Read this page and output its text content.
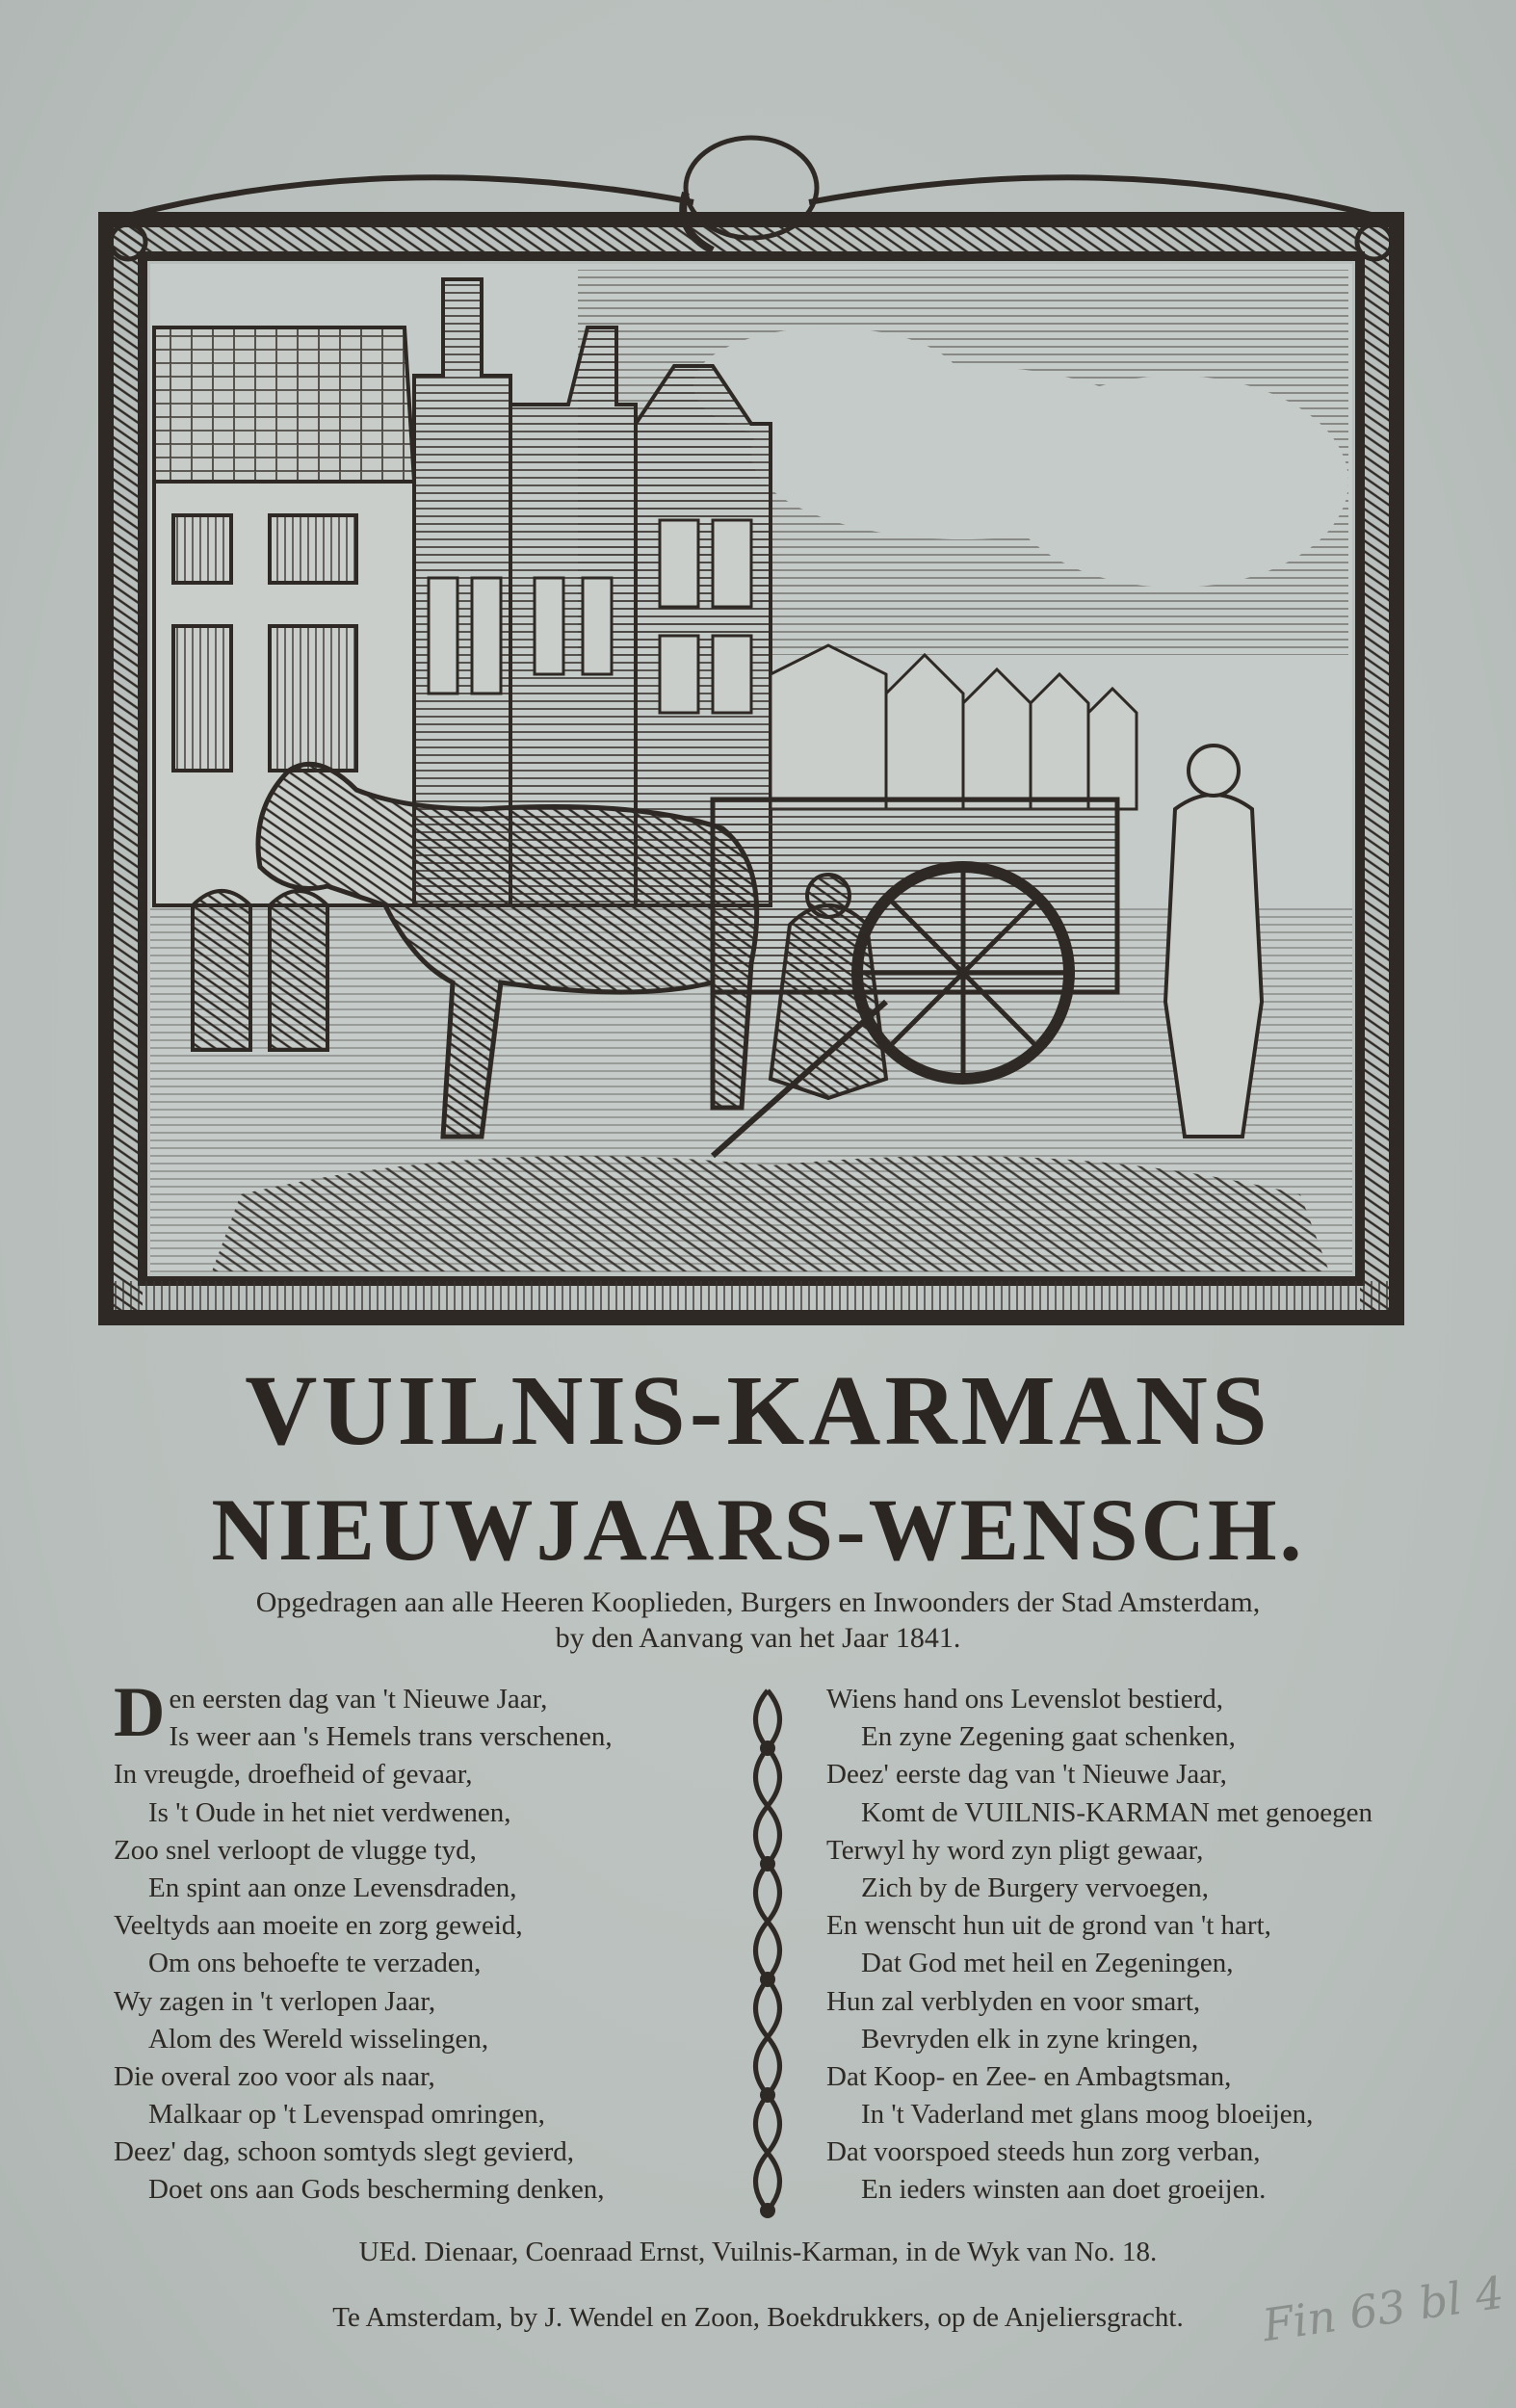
VUILNIS-KARMANS
NIEUWJAARS-WENSCH.
Opgedragen aan alle Heeren Kooplieden, Burgers en Inwoonders der Stad Amsterdam,
by den Aanvang van het Jaar 1841.
D en eersten dag van 't Nieuwe Jaar,
Is weer aan 's Hemels trans verschenen,
In vreugde, droefheid of gevaar,
Is 't Oude in het niet verdwenen,
Zoo snel verloopt de vlugge tyd,
En spint aan onze Levensdraden,
Veeltyds aan moeite en zorg geweid,
Om ons behoefte te verzaden,
Wy zagen in 't verlopen Jaar,
Alom des Wereld wisselingen,
Die overal zoo voor als naar,
Malkaar op 't Levenspad omringen,
Deez' dag, schoon somtyds slegt gevierd,
Doet ons aan Gods bescherming denken,
Wiens hand ons Levenslot bestierd,
En zyne Zegening gaat schenken,
Deez' eerste dag van 't Nieuwe Jaar,
Komt de VUILNIS-KARMAN met genoegen
Terwyl hy word zyn pligt gewaar,
Zich by de Burgery vervoegen,
En wenscht hun uit de grond van 't hart,
Dat God met heil en Zegeningen,
Hun zal verblyden en voor smart,
Bevryden elk in zyne kringen,
Dat Koop- en Zee- en Ambagtsman,
In 't Vaderland met glans moog bloeijen,
Dat voorspoed steeds hun zorg verban,
En ieders winsten aan doet groeijen.
UEd. Dienaar, Coenraad Ernst, Vuilnis-Karman, in de Wyk van No. 18.
Te Amsterdam, by J. Wendel en Zoon, Boekdrukkers, op de Anjeliersgracht.	Fin 63 bl 4
